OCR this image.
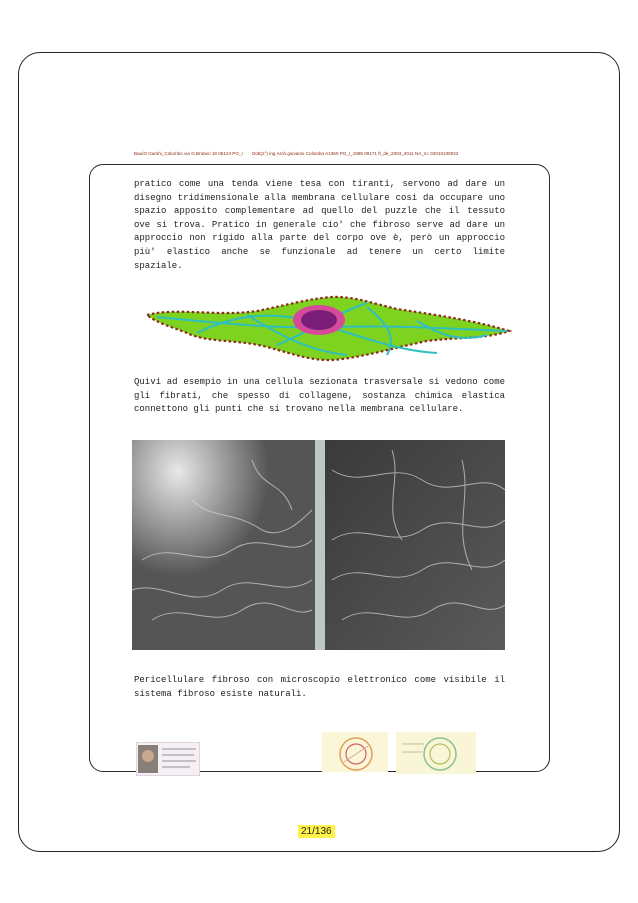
Bau/O Gamhi_Colombo via G.Brutieri 18 06124 PG_I Dott(2°) ing.Arch.giovanni Colombo A1360 PG_I_1995 09171 ft_de_2003_2011 NA_m: 02010100042

pratico come una tenda viene tesa con tiranti, servono ad dare un disegno tridimensionale alla membrana cellulare cosi da occupare uno spazio apposito complementare ad quello del puzzle che il tessuto ove si trova. Pratico in generale cio' che fibroso serve ad dare un approccio non rigido alla parte del corpo ove è, però un approccio più' elastico anche se funzionale ad tenere un certo limite spaziale.

Quivi ad esempio in una cellula sezionata trasversale si vedono come gli fibrati, che spesso di collagene, sostanza chimica elastica connettono gli punti che si trovano nella membrana cellulare.

Pericellulare fibroso con microscopio elettronico come visibile il sistema fibroso esiste naturali.

21/136
